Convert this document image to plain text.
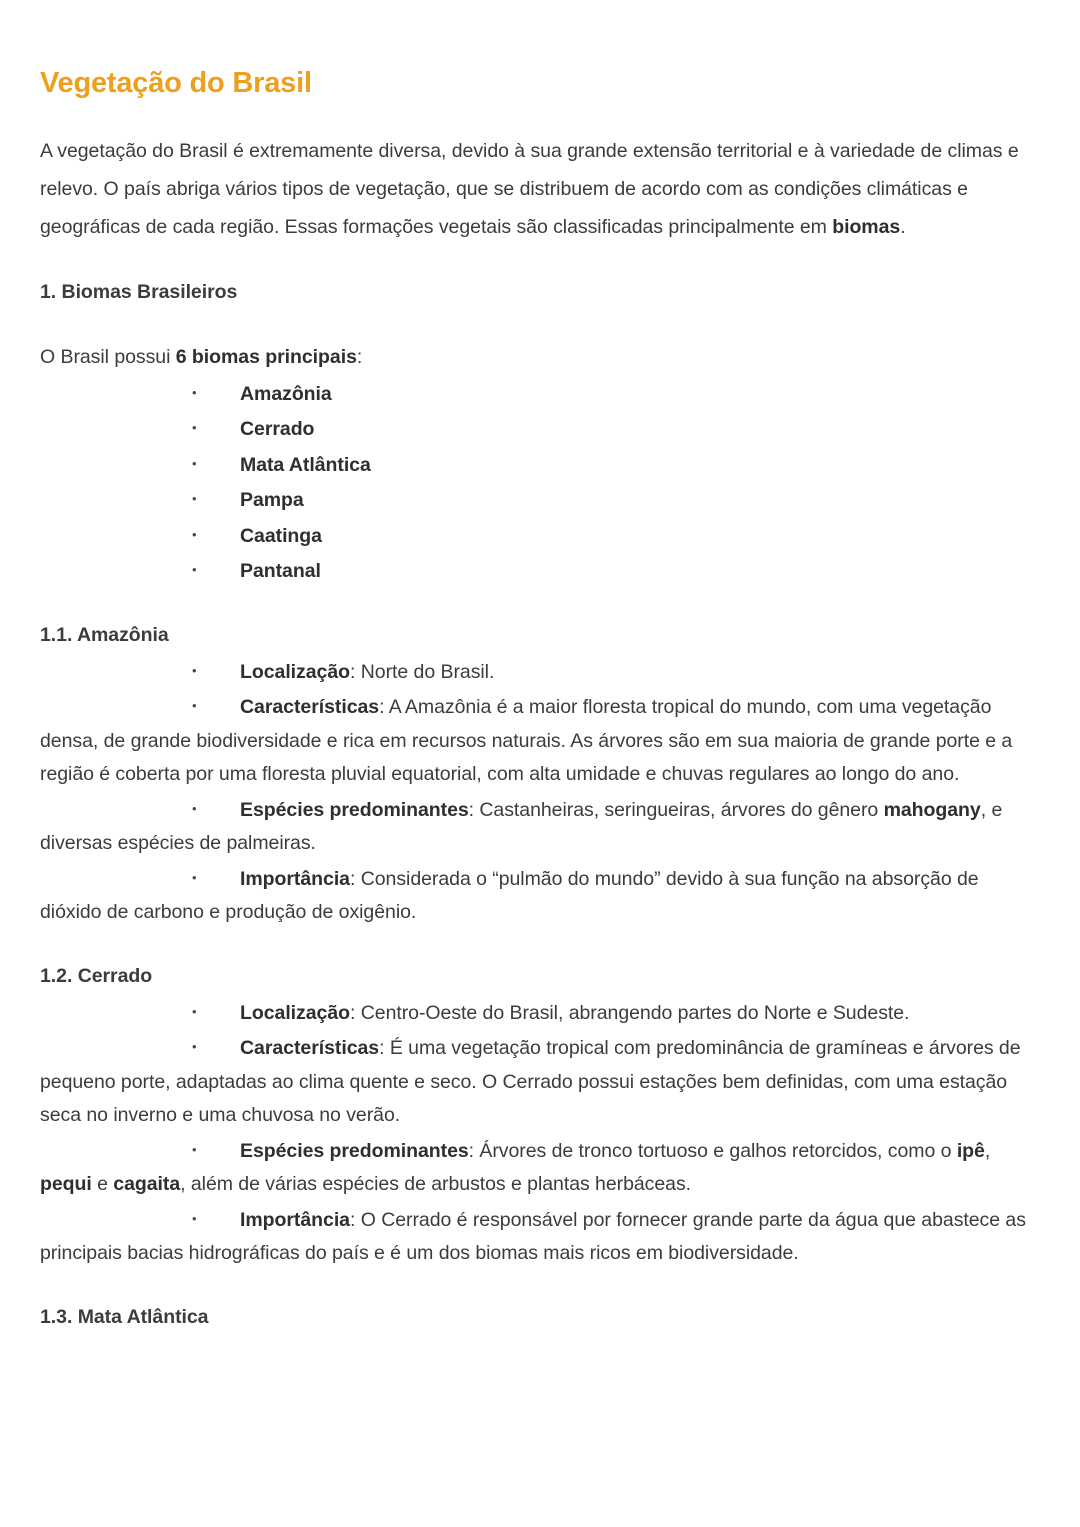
Vegetação do Brasil

A vegetação do Brasil é extremamente diversa, devido à sua grande extensão territorial e à variedade de climas e relevo. O país abriga vários tipos de vegetação, que se distribuem de acordo com as condições climáticas e geográficas de cada região. Essas formações vegetais são classificadas principalmente em biomas.

1. Biomas Brasileiros

O Brasil possui 6 biomas principais:

•Amazônia

•Cerrado

•Mata Atlântica

•Pampa

•Caatinga

•Pantanal

1.1. Amazônia

•Localização: Norte do Brasil.

•Características: A Amazônia é a maior floresta tropical do mundo, com uma vegetação densa, de grande biodiversidade e rica em recursos naturais. As árvores são em sua maioria de grande porte e a região é coberta por uma floresta pluvial equatorial, com alta umidade e chuvas regulares ao longo do ano.

•Espécies predominantes: Castanheiras, seringueiras, árvores do gênero mahogany, e diversas espécies de palmeiras.

•Importância: Considerada o “pulmão do mundo” devido à sua função na absorção de dióxido de carbono e produção de oxigênio.

1.2. Cerrado

•Localização: Centro-Oeste do Brasil, abrangendo partes do Norte e Sudeste.

•Características: É uma vegetação tropical com predominância de gramíneas e árvores de pequeno porte, adaptadas ao clima quente e seco. O Cerrado possui estações bem definidas, com uma estação seca no inverno e uma chuvosa no verão.

•Espécies predominantes: Árvores de tronco tortuoso e galhos retorcidos, como o ipê, pequi e cagaita, além de várias espécies de arbustos e plantas herbáceas.

•Importância: O Cerrado é responsável por fornecer grande parte da água que abastece as principais bacias hidrográficas do país e é um dos biomas mais ricos em biodiversidade.

1.3. Mata Atlântica
